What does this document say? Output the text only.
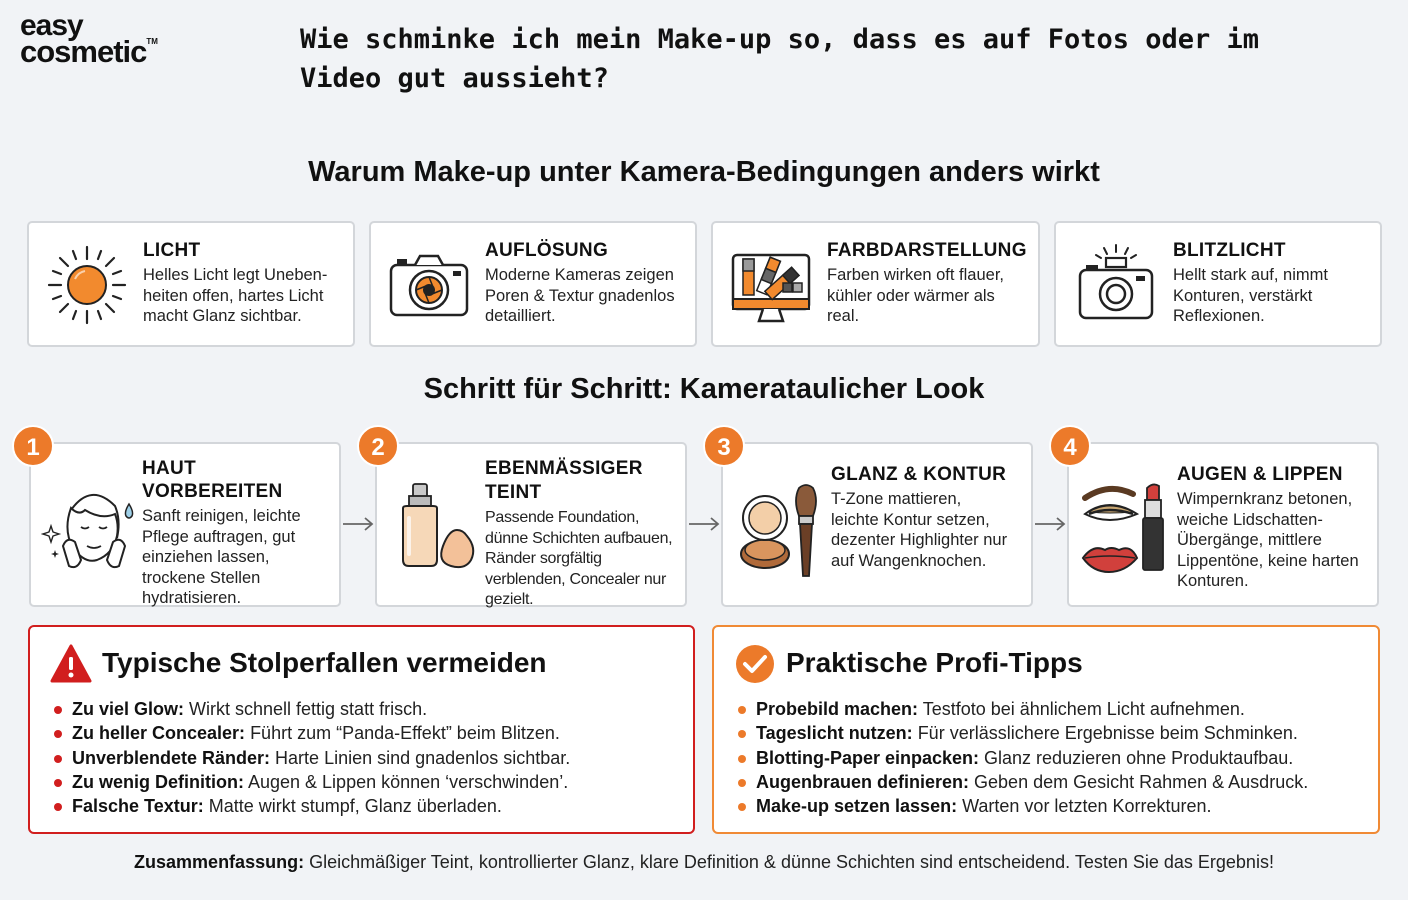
easy
cosmetic™	Wie schminke ich mein Make-up so, dass es auf Fotos oder im Video gut aussieht?
Warum Make-up unter Kamera-Bedingungen anders wirkt
LICHT

Helles Licht legt Uneben-heiten offen, hartes Licht macht Glanz sichtbar.

AUFLÖSUNG

Moderne Kameras zeigen Poren & Textur gnadenlos detailliert.

FARBDARSTELLUNG

Farben wirken oft flauer, kühler oder wärmer als real.

BLITZLICHT

Hellt stark auf, nimmt Konturen, verstärkt Reflexionen.

Schritt für Schritt: Kamerataulicher Look
HAUT VORBEREITEN

Sanft reinigen, leichte Pflege auftragen, gut einziehen lassen, trockene Stellen hydratisieren.

1
EBENMÄSSIGER TEINT

Passende Foundation, dünne Schichten aufbauen, Ränder sorgfältig verblenden, Concealer nur gezielt.

2
GLANZ & KONTUR

T-Zone mattieren, leichte Kontur setzen, dezenter Highlighter nur auf Wangenknochen.

3
AUGEN & LIPPEN

Wimpernkranz betonen, weiche Lidschatten-Übergänge, mittlere Lippentöne, keine harten Konturen.

4
Typische Stolperfallen vermeiden
Zu viel Glow: Wirkt schnell fettig statt frisch.
Zu heller Concealer: Führt zum “Panda-Effekt” beim Blitzen.
Unverblendete Ränder: Harte Linien sind gnadenlos sichtbar.
Zu wenig Definition: Augen & Lippen können ‘verschwinden’.
Falsche Textur: Matte wirkt stumpf, Glanz überladen.
Praktische Profi-Tipps
Probebild machen: Testfoto bei ähnlichem Licht aufnehmen.
Tageslicht nutzen: Für verlässlichere Ergebnisse beim Schminken.
Blotting-Paper einpacken: Glanz reduzieren ohne Produktaufbau.
Augenbrauen definieren: Geben dem Gesicht Rahmen & Ausdruck.
Make-up setzen lassen: Warten vor letzten Korrekturen.
Zusammenfassung: Gleichmäßiger Teint, kontrollierter Glanz, klare Definition & dünne Schichten sind entscheidend. Testen Sie das Ergebnis!
